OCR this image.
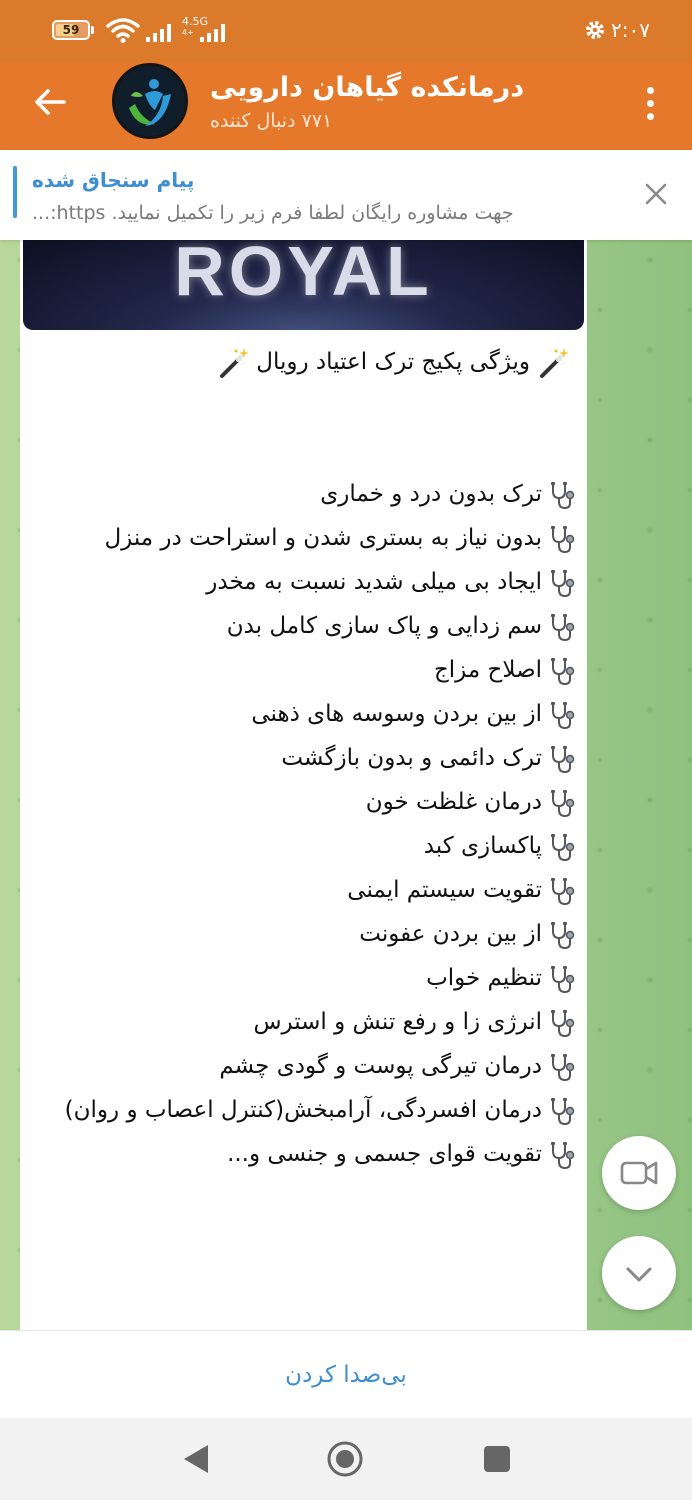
59
4.5G
4+	۲:۰۷
درمانکده گیاهان دارویی
۷۷۱ دنبال کننده
پیام سنجاق شده
جهت مشاوره رایگان لطفا فرم زیر را تکمیل نمایید. https:...
ROYAL
ویژگی پکیج ترک اعتیاد رویال
ترک بدون درد و خماری
بدون نیاز به بستری شدن و استراحت در منزل
ایجاد بی میلی شدید نسبت به مخدر
سم زدایی و پاک سازی کامل بدن
اصلاح مزاج
از بین بردن وسوسه های ذهنی
ترک دائمی و بدون بازگشت
درمان غلظت خون
پاکسازی کبد
تقویت سیستم ایمنی
از بین بردن عفونت
تنظیم خواب
انرژی زا و رفع تنش و استرس
درمان تیرگی پوست و گودی چشم
درمان افسردگی، آرامبخش(کنترل اعصاب و روان)
تقویت قوای جسمی و جنسی و...
بی‌صدا کردن
